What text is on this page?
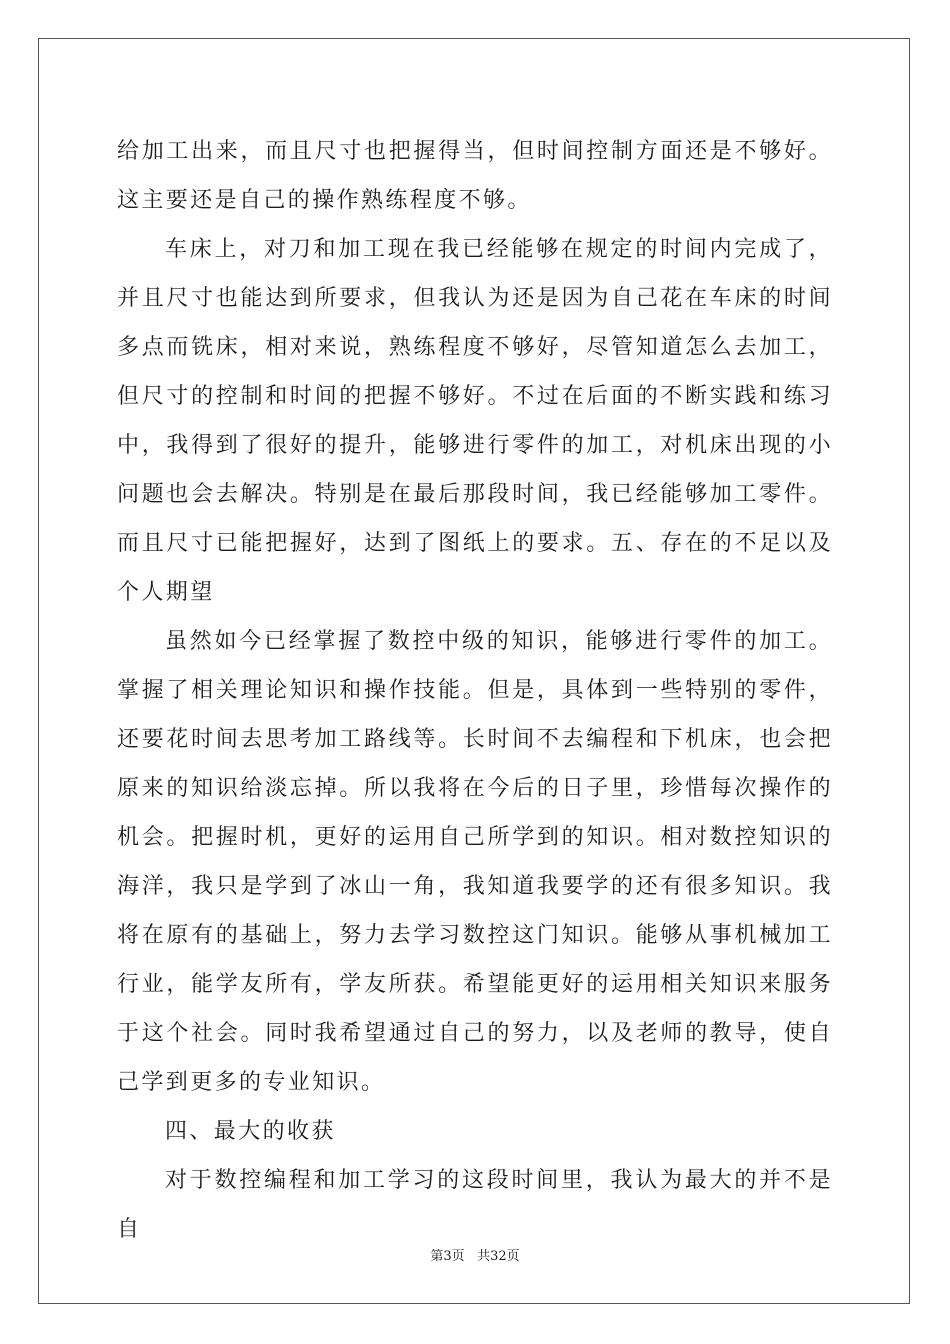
给加工出来，而且尺寸也把握得当，但时间控制方面还是不够好。这主要还是自己的操作熟练程度不够。

车床上，对刀和加工现在我已经能够在规定的时间内完成了，并且尺寸也能达到所要求，但我认为还是因为自己花在车床的时间多点而铣床，相对来说，熟练程度不够好，尽管知道怎么去加工，但尺寸的控制和时间的把握不够好。不过在后面的不断实践和练习中，我得到了很好的提升，能够进行零件的加工，对机床出现的小问题也会去解决。特别是在最后那段时间，我已经能够加工零件。而且尺寸已能把握好，达到了图纸上的要求。五、存在的不足以及个人期望

虽然如今已经掌握了数控中级的知识，能够进行零件的加工。掌握了相关理论知识和操作技能。但是，具体到一些特别的零件，还要花时间去思考加工路线等。长时间不去编程和下机床，也会把原来的知识给淡忘掉。所以我将在今后的日子里，珍惜每次操作的机会。把握时机，更好的运用自己所学到的知识。相对数控知识的海洋，我只是学到了冰山一角，我知道我要学的还有很多知识。我将在原有的基础上，努力去学习数控这门知识。能够从事机械加工行业，能学友所有，学友所获。希望能更好的运用相关知识来服务于这个社会。同时我希望通过自己的努力，以及老师的教导，使自己学到更多的专业知识。

四、最大的收获

对于数控编程和加工学习的这段时间里，我认为最大的并不是自

第3页 共32页
